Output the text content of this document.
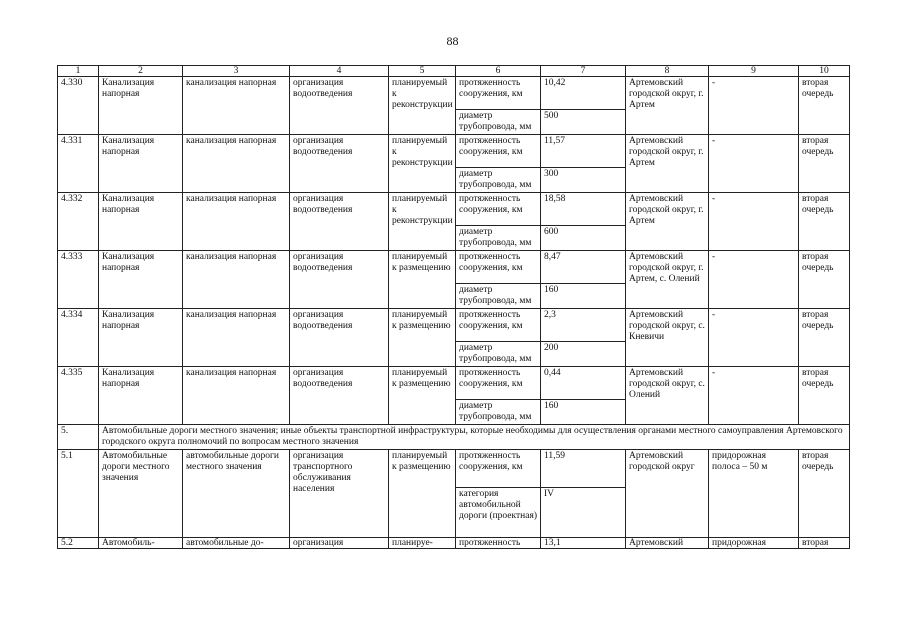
88
1	2	3	4	5	6	7	8	9	10
4.330	Канализация напорная	канализация напорная	организация водоотведения	планируемый к реконструкции	протяженность сооружения, км	10,42	Артемовский городской округ, г. Артем	-	вторая очередь
					диаметр трубопровода, мм	500			
4.331	Канализация напорная	канализация напорная	организация водоотведения	планируемый к реконструкции	протяженность сооружения, км	11,57	Артемовский городской округ, г. Артем	-	вторая очередь
					диаметр трубопровода, мм	300			
4.332	Канализация напорная	канализация напорная	организация водоотведения	планируемый к реконструкции	протяженность сооружения, км	18,58	Артемовский городской округ, г. Артем	-	вторая очередь
					диаметр трубопровода, мм	600			
4.333	Канализация напорная	канализация напорная	организация водоотведения	планируемый к размещению	протяженность сооружения, км	8,47	Артемовский городской округ, г. Артем, с. Олений	-	вторая очередь
					диаметр трубопровода, мм	160			
4.334	Канализация напорная	канализация напорная	организация водоотведения	планируемый к размещению	протяженность сооружения, км	2,3	Артемовский городской округ, с. Кневичи	-	вторая очередь
					диаметр трубопровода, мм	200			
4.335	Канализация напорная	канализация напорная	организация водоотведения	планируемый к размещению	протяженность сооружения, км	0,44	Артемовский городской округ, с. Олений	-	вторая очередь
					диаметр трубопровода, мм	160			
5.	Автомобильные дороги местного значения; иные объекты транспортной инфраструктуры, которые необходимы для осуществления органами местного самоуправления Артемовского городского округа полномочий по вопросам местного значения								
5.1	Автомобильные дороги местного значения	автомобильные дороги местного значения	организация транспортного обслуживания населения	планируемый к размещению	протяженность сооружения, км	11,59	Артемовский городской округ	придорожная полоса – 50 м	вторая очередь
					категория автомобильной дороги (проектная)	IV			
5.2	Автомобиль-	автомобильные до-	организация	планируе-	протяженность	13,1	Артемовский	придорожная	вторая
